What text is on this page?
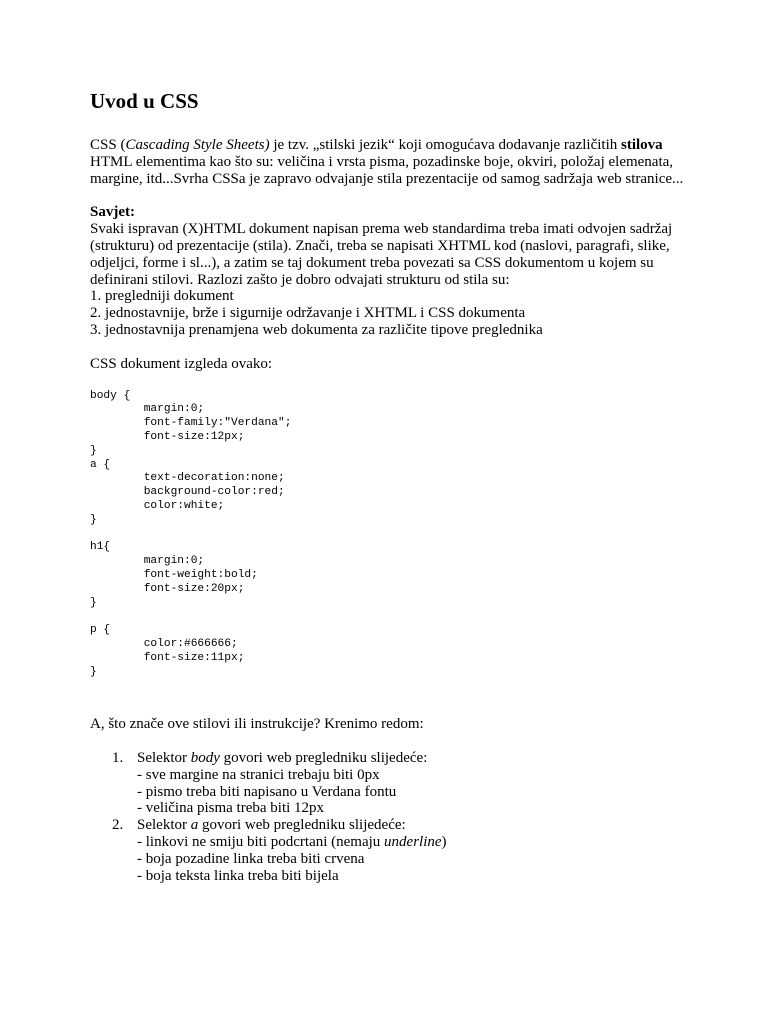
Uvod u CSS

CSS (Cascading Style Sheets) je tzv. „stilski jezik“ koji omogućava dodavanje različitih stilova HTML elementima kao što su: veličina i vrsta pisma, pozadinske boje, okviri, položaj elemenata, margine, itd...Svrha CSSa je zapravo odvajanje stila prezentacije od samog sadržaja web stranice...

Savjet:

Svaki ispravan (X)HTML dokument napisan prema web standardima treba imati odvojen sadržaj (strukturu) od prezentacije (stila). Znači, treba se napisati XHTML kod (naslovi, paragrafi, slike, odjeljci, forme i sl...), a zatim se taj dokument treba povezati sa CSS dokumentom u kojem su definirani stilovi. Razlozi zašto je dobro odvajati strukturu od stila su:

1. pregledniji dokument

2. jednostavnije, brže i sigurnije održavanje i XHTML i CSS dokumenta

3. jednostavnija prenamjena web dokumenta za različite tipove preglednika

CSS dokument izgleda ovako:

body {
margin:0;
font-family:"Verdana";
font-size:12px;
}
a {
text-decoration:none;
background-color:red;
color:white;
}

h1{
margin:0;
font-weight:bold;
font-size:20px;
}

p {
color:#666666;
font-size:11px;
}

A, što znače ove stilovi ili instrukcije? Krenimo redom:

1. Selektor body govori web pregledniku slijedeće:
- sve margine na stranici trebaju biti 0px
- pismo treba biti napisano u Verdana fontu
- veličina pisma treba biti 12px
2. Selektor a govori web pregledniku slijedeće:
- linkovi ne smiju biti podcrtani (nemaju underline)
- boja pozadine linka treba biti crvena
- boja teksta linka treba biti bijela
